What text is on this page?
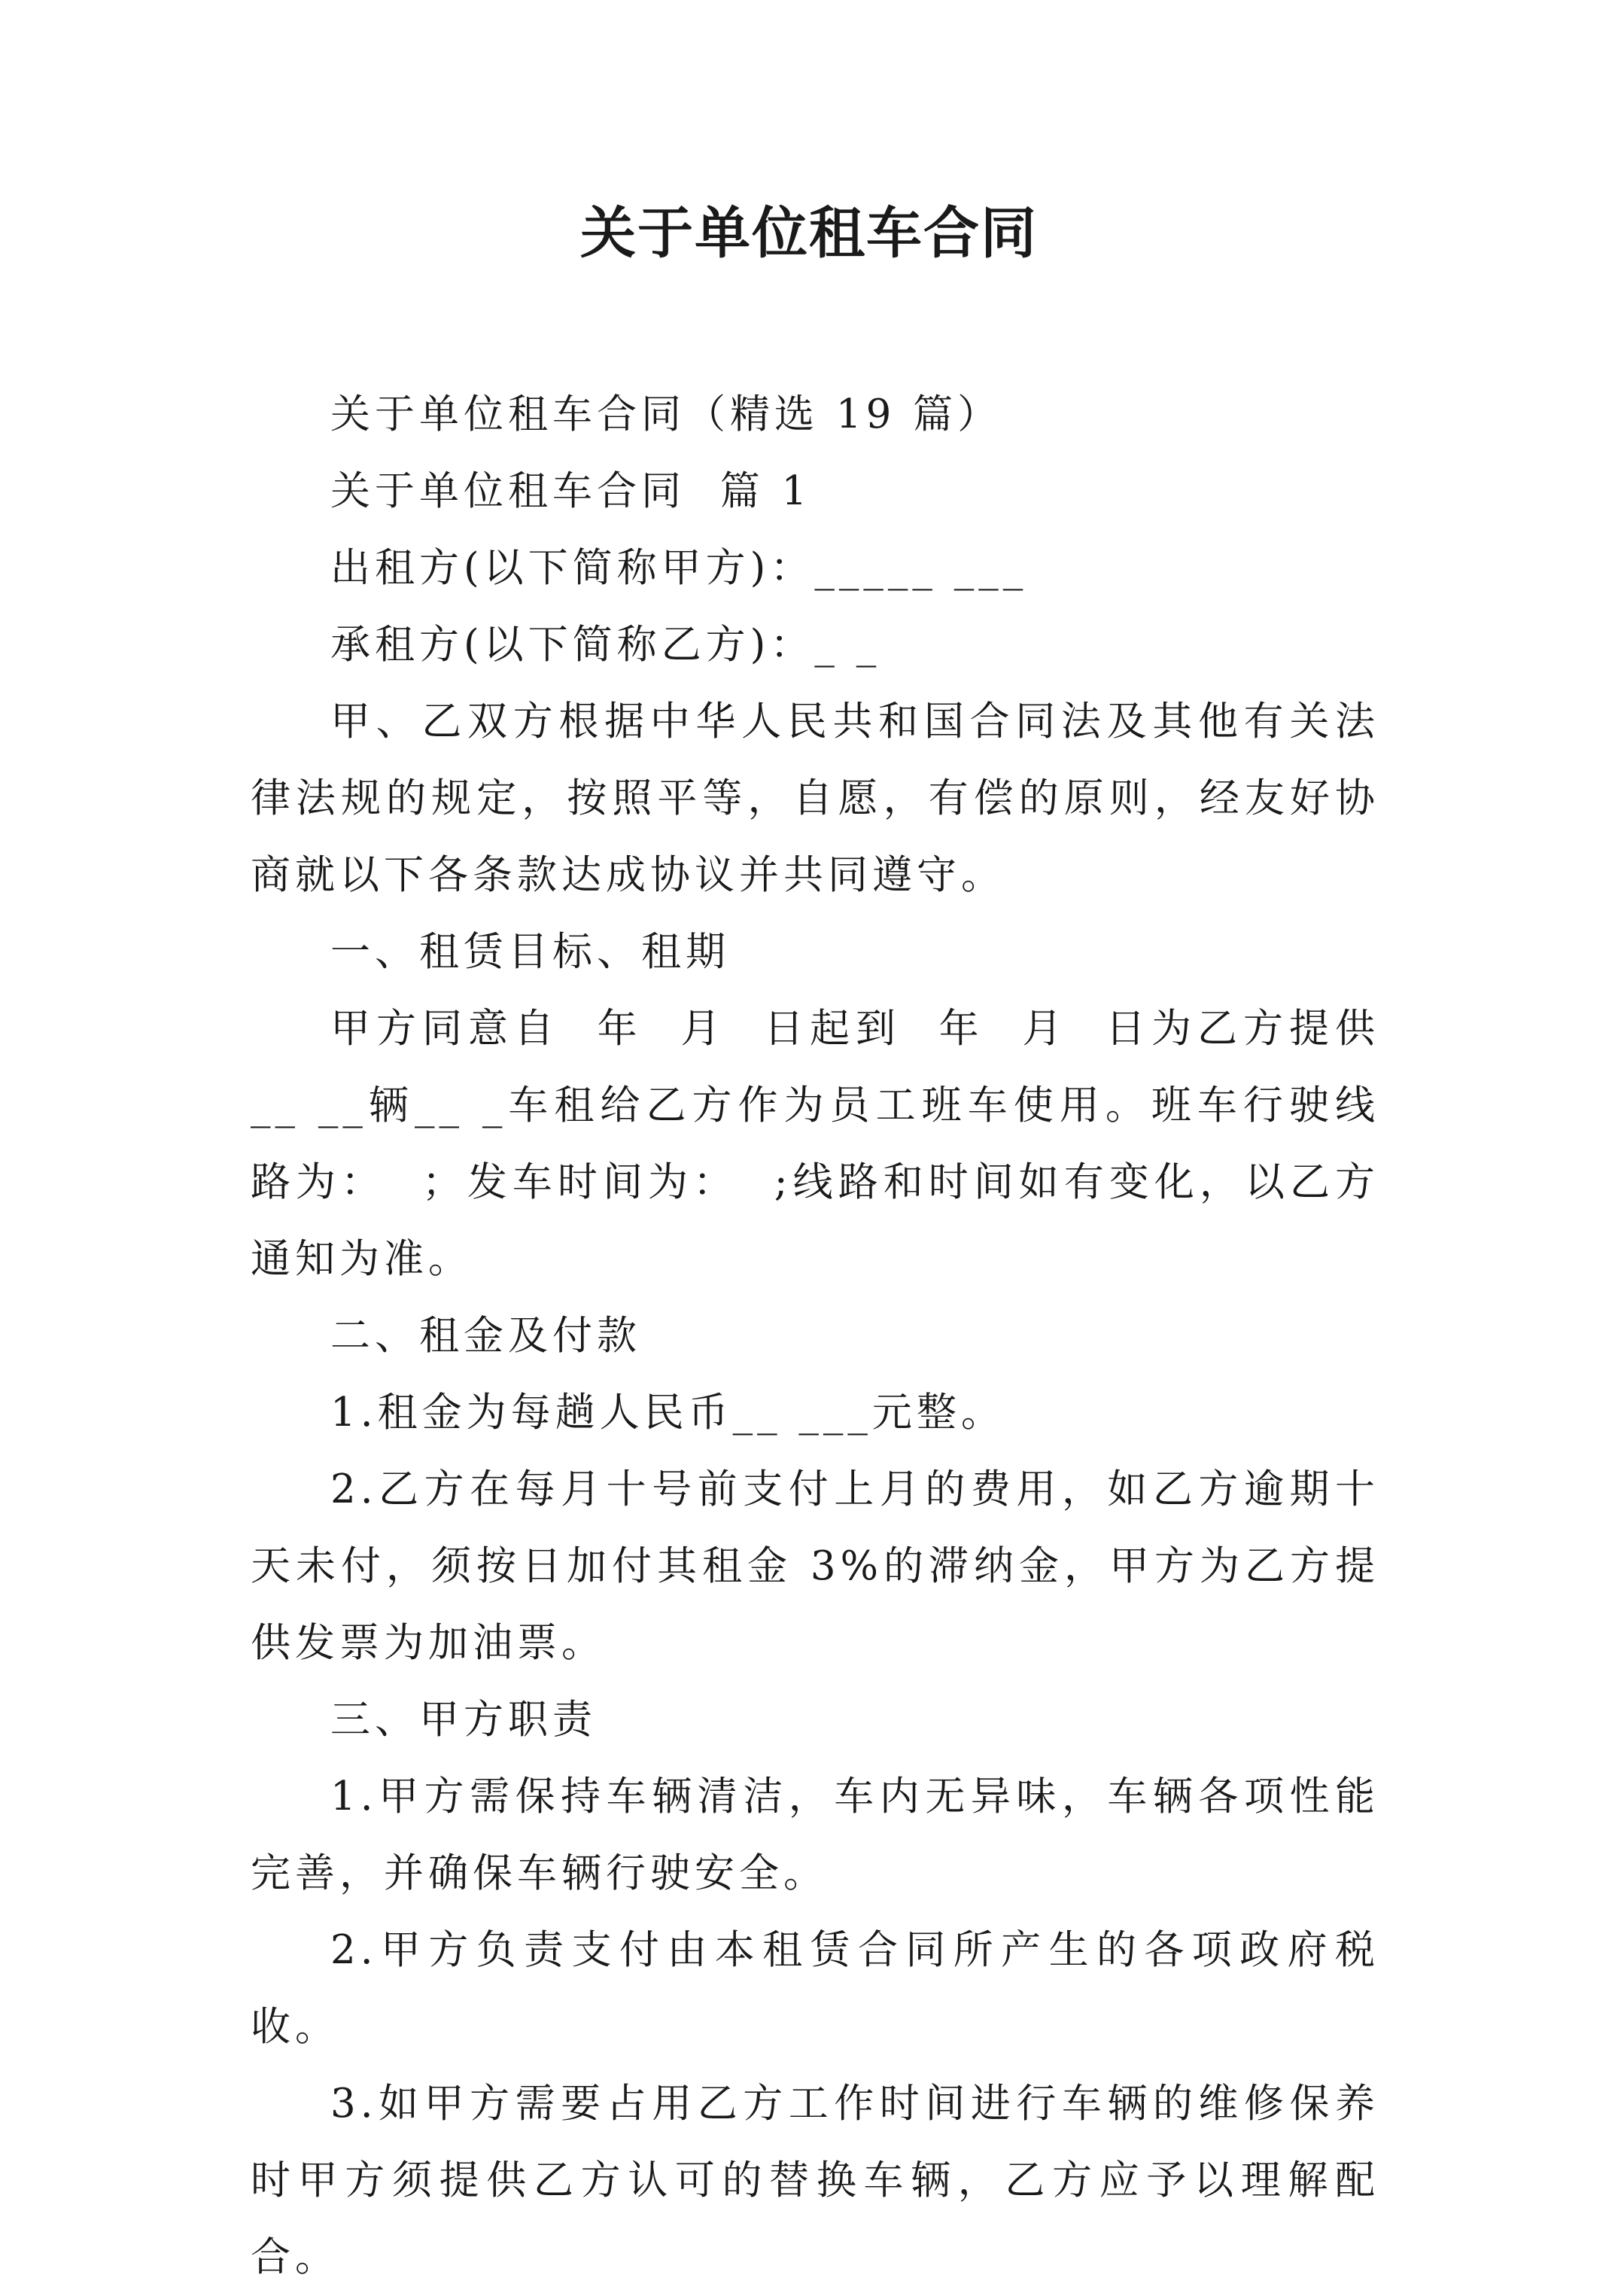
关于单位租车合同

关于单位租车合同（精选 19 篇）

关于单位租车合同  篇 1

出租方(以下简称甲方)：_____ ___

承租方(以下简称乙方)：_ _

甲、乙双方根据中华人民共和国合同法及其他有关法律法规的规定，按照平等，自愿，有偿的原则，经友好协商就以下各条款达成协议并共同遵守。

一、租赁目标、租期

甲方同意自  年  月  日起到  年  月  日为乙方提供__ __辆__ _车租给乙方作为员工班车使用。班车行驶线路为：  ；发车时间为：  ;线路和时间如有变化，以乙方通知为准。

二、租金及付款

1.租金为每趟人民币__ ___元整。

2.乙方在每月十号前支付上月的费用，如乙方逾期十天未付，须按日加付其租金 3%的滞纳金，甲方为乙方提供发票为加油票。

三、甲方职责

1.甲方需保持车辆清洁，车内无异味，车辆各项性能完善，并确保车辆行驶安全。

2.甲方负责支付由本租赁合同所产生的各项政府税收。

3.如甲方需要占用乙方工作时间进行车辆的维修保养时甲方须提供乙方认可的替换车辆，乙方应予以理解配合。
